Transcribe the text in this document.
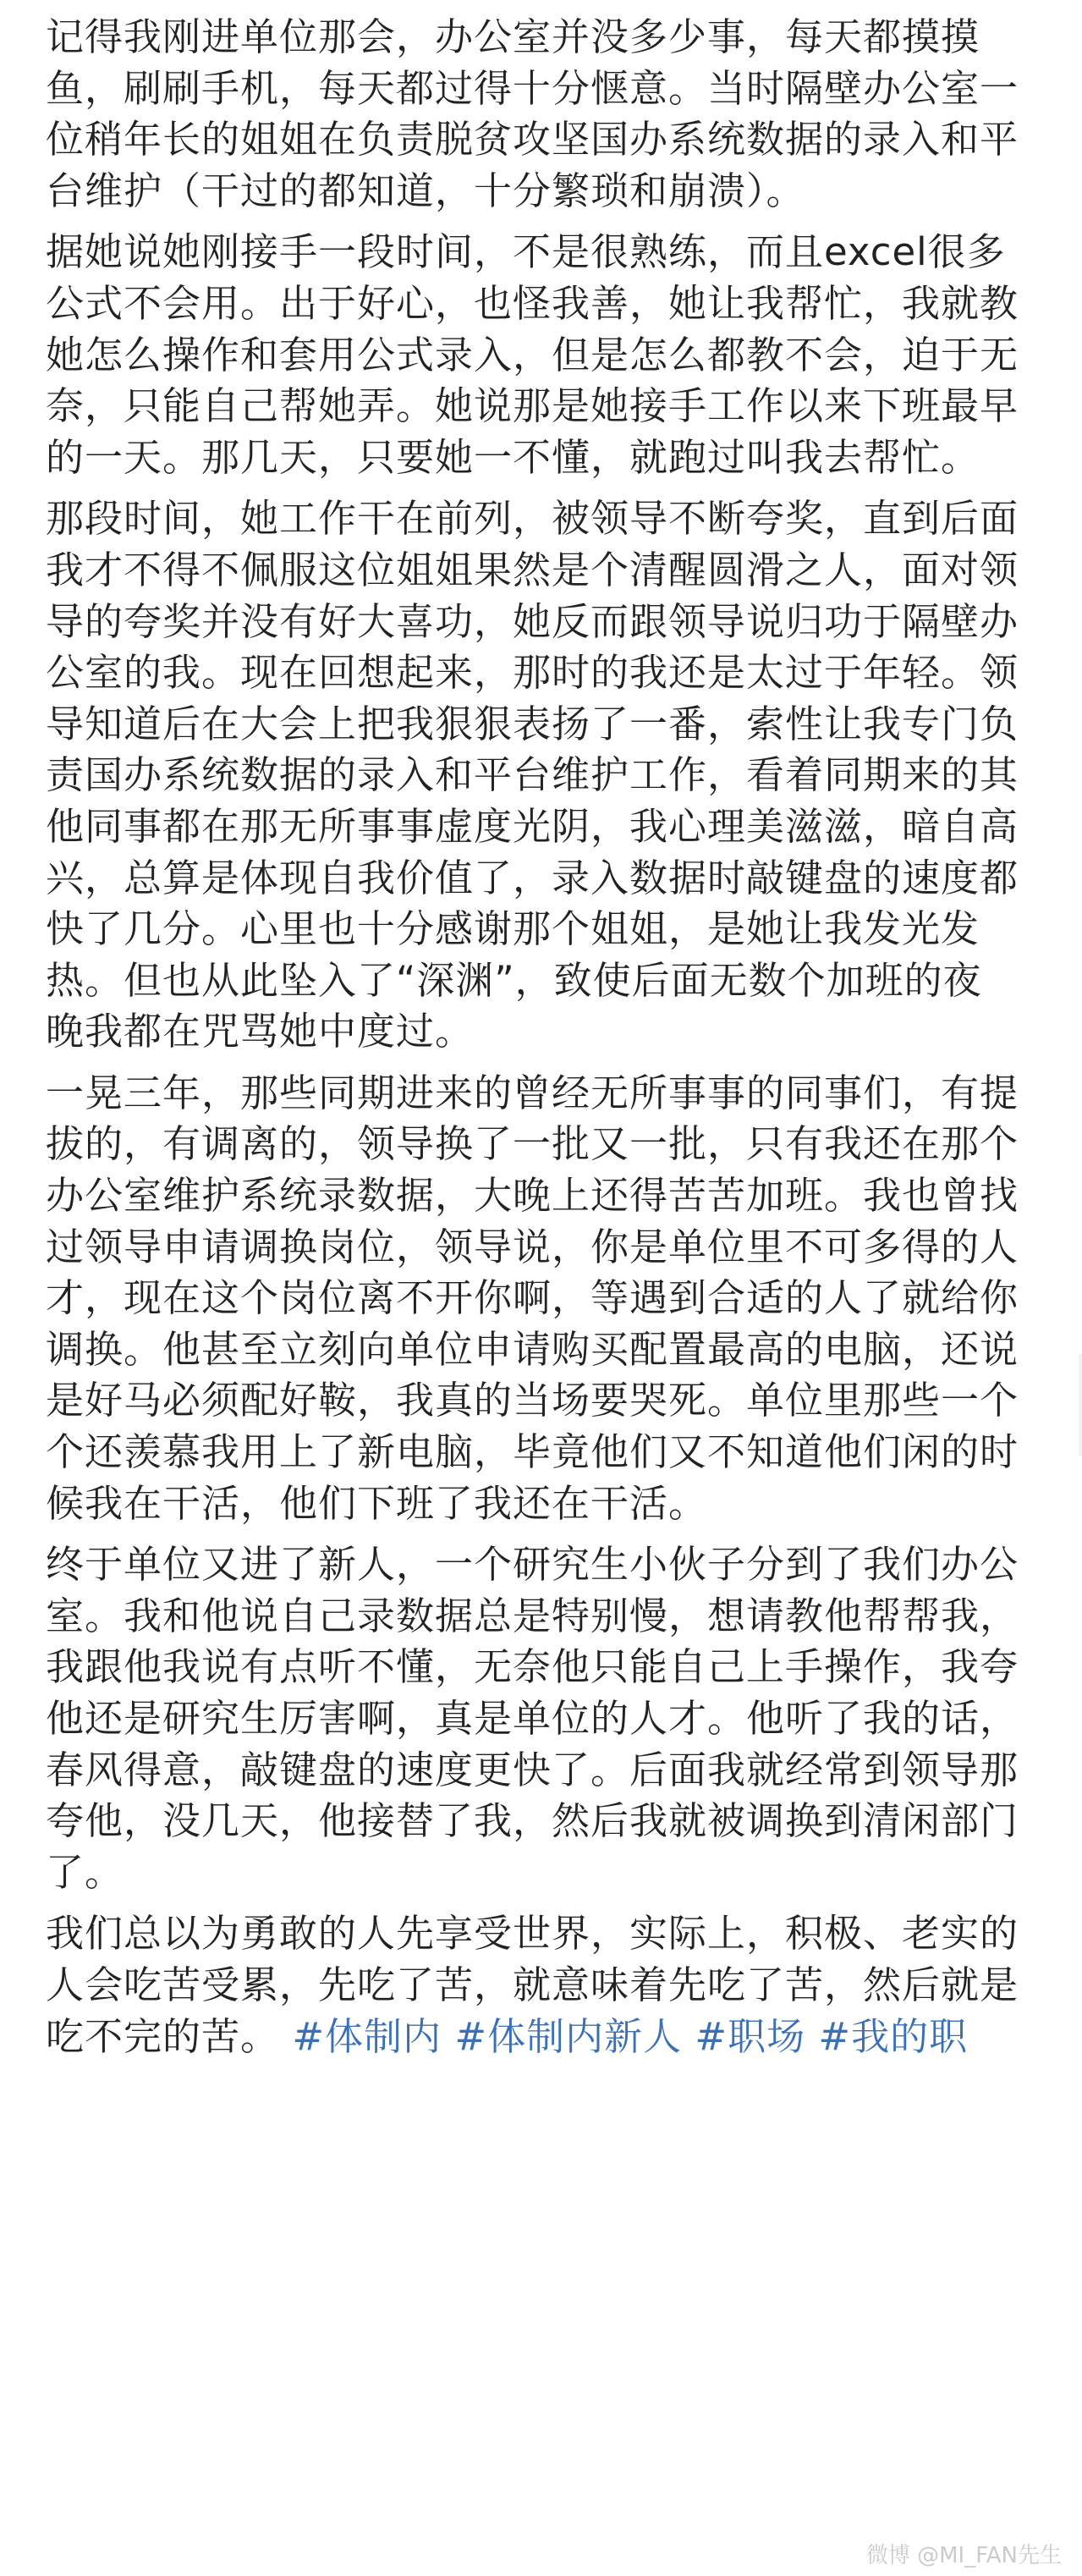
记得我刚进单位那会，办公室并没多少事，每天都摸摸
鱼，刷刷手机，每天都过得十分惬意。当时隔壁办公室一
位稍年长的姐姐在负责脱贫攻坚国办系统数据的录入和平
台维护（干过的都知道，十分繁琐和崩溃）。
据她说她刚接手一段时间，不是很熟练，而且excel很多
公式不会用。出于好心，也怪我善，她让我帮忙，我就教
她怎么操作和套用公式录入，但是怎么都教不会，迫于无
奈，只能自己帮她弄。她说那是她接手工作以来下班最早
的一天。那几天，只要她一不懂，就跑过叫我去帮忙。
那段时间，她工作干在前列，被领导不断夸奖，直到后面
我才不得不佩服这位姐姐果然是个清醒圆滑之人，面对领
导的夸奖并没有好大喜功，她反而跟领导说归功于隔壁办
公室的我。现在回想起来，那时的我还是太过于年轻。领
导知道后在大会上把我狠狠表扬了一番，索性让我专门负
责国办系统数据的录入和平台维护工作，看着同期来的其
他同事都在那无所事事虚度光阴，我心理美滋滋，暗自高
兴，总算是体现自我价值了，录入数据时敲键盘的速度都
快了几分。心里也十分感谢那个姐姐，是她让我发光发
热。但也从此坠入了“深渊”，致使后面无数个加班的夜
晚我都在咒骂她中度过。
一晃三年，那些同期进来的曾经无所事事的同事们，有提
拔的，有调离的，领导换了一批又一批，只有我还在那个
办公室维护系统录数据，大晚上还得苦苦加班。我也曾找
过领导申请调换岗位，领导说，你是单位里不可多得的人
才，现在这个岗位离不开你啊，等遇到合适的人了就给你
调换。他甚至立刻向单位申请购买配置最高的电脑，还说
是好马必须配好鞍，我真的当场要哭死。单位里那些一个
个还羡慕我用上了新电脑，毕竟他们又不知道他们闲的时
候我在干活，他们下班了我还在干活。
终于单位又进了新人，一个研究生小伙子分到了我们办公
室。我和他说自己录数据总是特别慢，想请教他帮帮我，
我跟他我说有点听不懂，无奈他只能自己上手操作，我夸
他还是研究生厉害啊，真是单位的人才。他听了我的话，
春风得意，敲键盘的速度更快了。后面我就经常到领导那
夸他，没几天，他接替了我，然后我就被调换到清闲部门
了。
我们总以为勇敢的人先享受世界，实际上，积极、老实的
人会吃苦受累，先吃了苦，就意味着先吃了苦，然后就是
吃不完的苦。 #体制内 #体制内新人 #职场 #我的职
微博 @MI_FAN先生
